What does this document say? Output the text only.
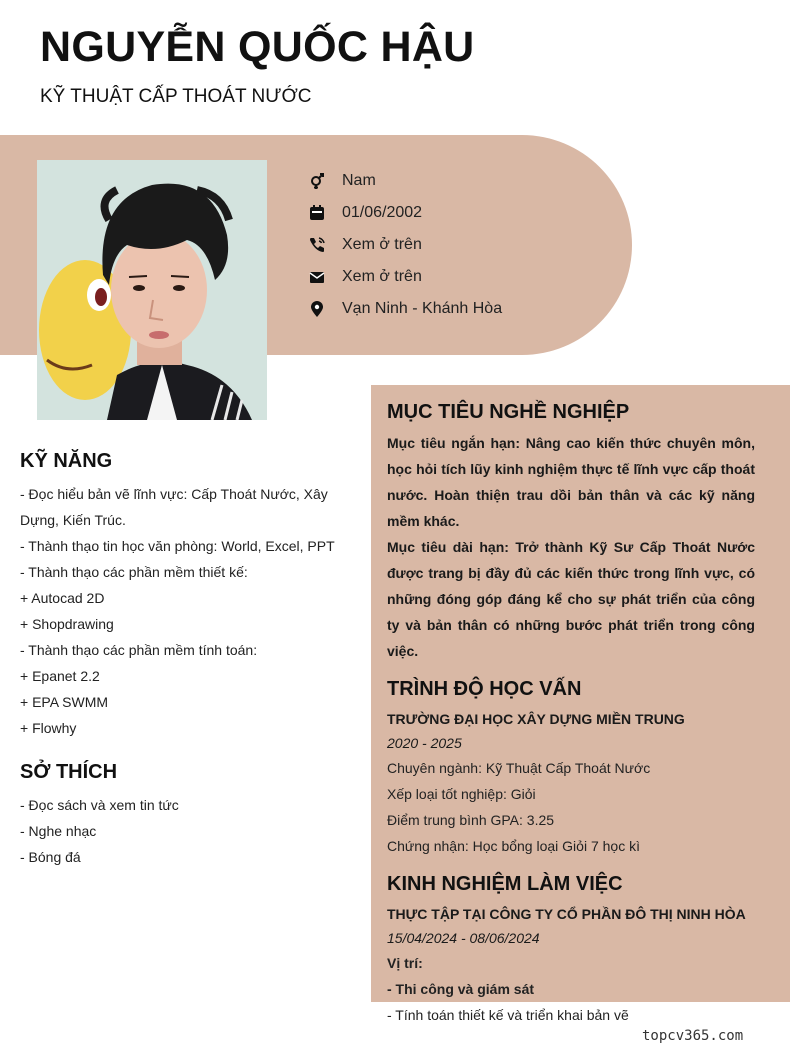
NGUYỄN QUỐC HẬU
KỸ THUẬT CẤP THOÁT NƯỚC
Nam
01/06/2002
Xem ở trên
Xem ở trên
Vạn Ninh - Khánh Hòa
KỸ NĂNG
- Đọc hiểu bản vẽ lĩnh vực: Cấp Thoát Nước, Xây Dựng, Kiến Trúc.
- Thành thạo tin học văn phòng: World, Excel, PPT
- Thành thạo các phần mềm thiết kế:
+ Autocad 2D
+ Shopdrawing
- Thành thạo các phần mềm tính toán:
+ Epanet 2.2
+ EPA SWMM
+ Flowhy
SỞ THÍCH
- Đọc sách và xem tin tức
- Nghe nhạc
- Bóng đá
MỤC TIÊU NGHỀ NGHIỆP

Mục tiêu ngắn hạn: Nâng cao kiến thức chuyên môn, học hỏi tích lũy kinh nghiệm thực tế lĩnh vực cấp thoát nước. Hoàn thiện trau dồi bản thân và các kỹ năng mềm khác.

Mục tiêu dài hạn: Trở thành Kỹ Sư Cấp Thoát Nước được trang bị đầy đủ các kiến thức trong lĩnh vực, có những đóng góp đáng kể cho sự phát triển của công ty và bản thân có những bước phát triển trong công việc.

TRÌNH ĐỘ HỌC VẤN
TRƯỜNG ĐẠI HỌC XÂY DỰNG MIỀN TRUNG
2020 - 2025
Chuyên ngành: Kỹ Thuật Cấp Thoát Nước
Xếp loại tốt nghiệp: Giỏi
Điểm trung bình GPA: 3.25
Chứng nhận: Học bổng loại Giỏi 7 học kì
KINH NGHIỆM LÀM VIỆC
THỰC TẬP TẠI CÔNG TY CỔ PHẦN ĐÔ THỊ NINH HÒA
15/04/2024 - 08/06/2024
Vị trí:
- Thi công và giám sát
- Tính toán thiết kế và triển khai bản vẽ
topcv365.com
